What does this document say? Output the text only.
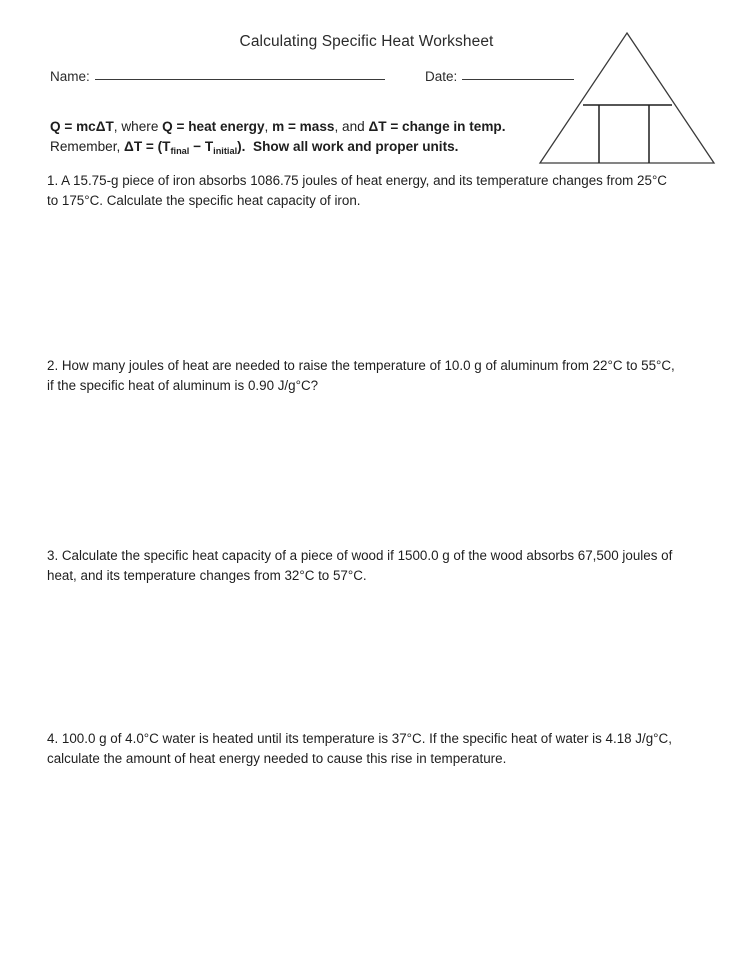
Calculating Specific Heat Worksheet
Name:	Date:
Q = mcΔT, where Q = heat energy, m = mass, and ΔT = change in temp.
Remember, $\Delta T = (T_{final} - T_{initial})$.  Show all work and proper units.
1. A 15.75-g piece of iron absorbs 1086.75 joules of heat energy, and its temperature changes from 25°C to 175°C. Calculate the specific heat capacity of iron.
2. How many joules of heat are needed to raise the temperature of 10.0 g of aluminum from 22°C to 55°C, if the specific heat of aluminum is 0.90 J/g°C?
3. Calculate the specific heat capacity of a piece of wood if 1500.0 g of the wood absorbs 67,500 joules of heat, and its temperature changes from 32°C to 57°C.
4. 100.0 g of 4.0°C water is heated until its temperature is 37°C. If the specific heat of water is 4.18 J/g°C, calculate the amount of heat energy needed to cause this rise in temperature.
